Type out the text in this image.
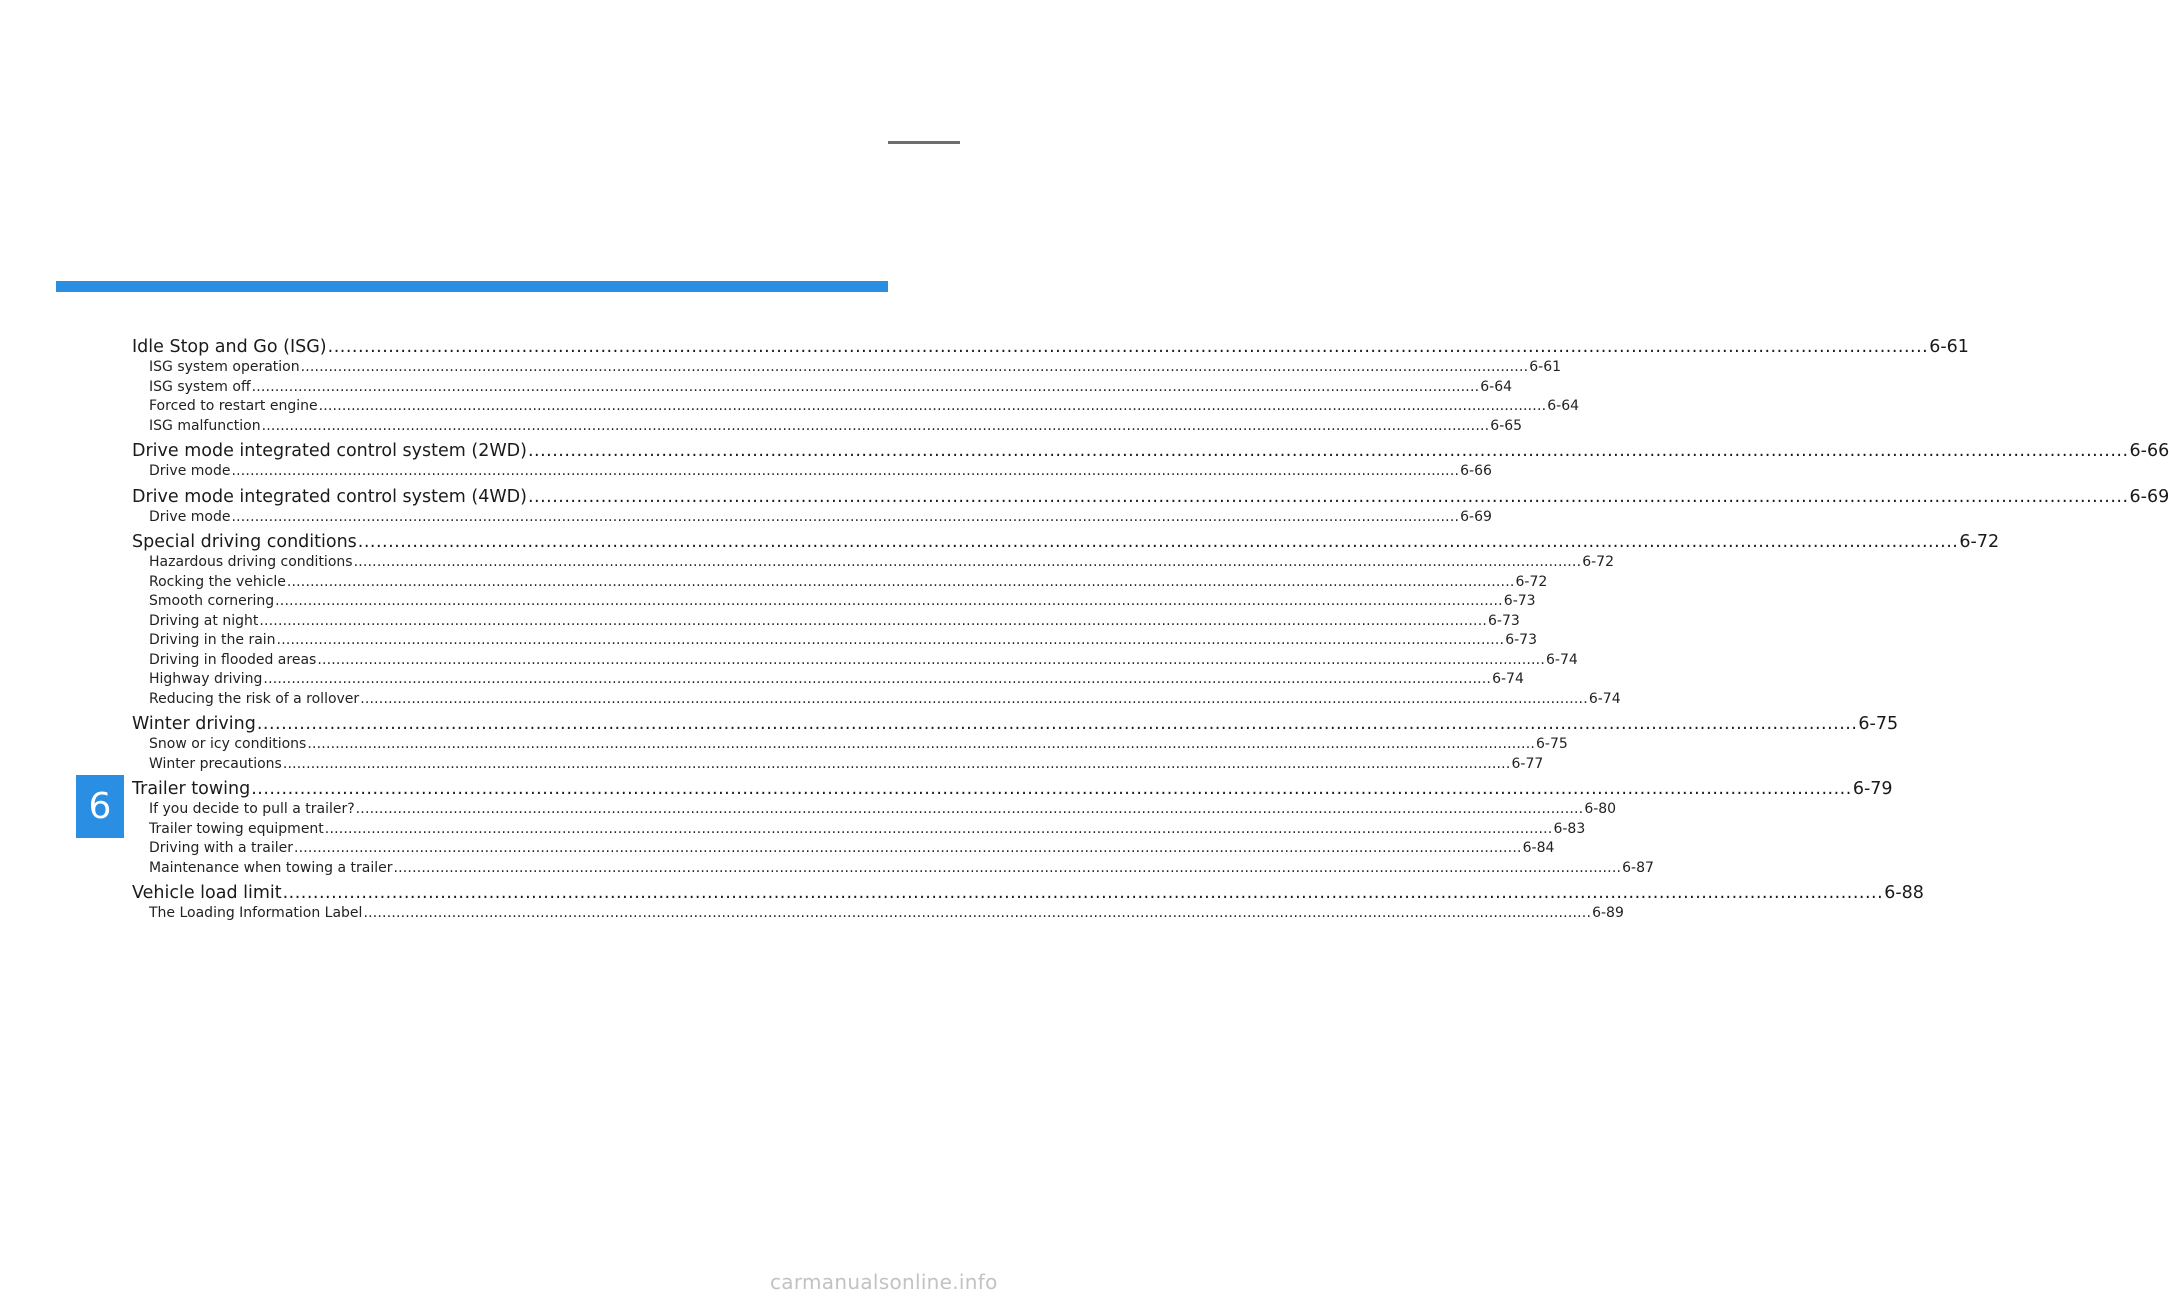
Idle Stop and Go (ISG) .....	6-61
ISG system operation .....	6-61
ISG system off .....	6-64
Forced to restart engine .....	6-64
ISG malfunction .....	6-65
Drive mode integrated control system (2WD) .....	6-66
Drive mode .....	6-66
Drive mode integrated control system (4WD) .....	6-69
Drive mode .....	6-69
Special driving conditions .....	6-72
Hazardous driving conditions .....	6-72
Rocking the vehicle .....	6-72
Smooth cornering .....	6-73
Driving at night .....	6-73
Driving in the rain .....	6-73
Driving in flooded areas .....	6-74
Highway driving .....	6-74
Reducing the risk of a rollover .....	6-74
Winter driving .....	6-75
Snow or icy conditions .....	6-75
Winter precautions .....	6-77
Trailer towing .....	6-79
If you decide to pull a trailer? .....	6-80
Trailer towing equipment .....	6-83
Driving with a trailer .....	6-84
Maintenance when towing a trailer .....	6-87
Vehicle load limit .....	6-88
The Loading Information Label .....	6-89
6
carmanualsonline.info
